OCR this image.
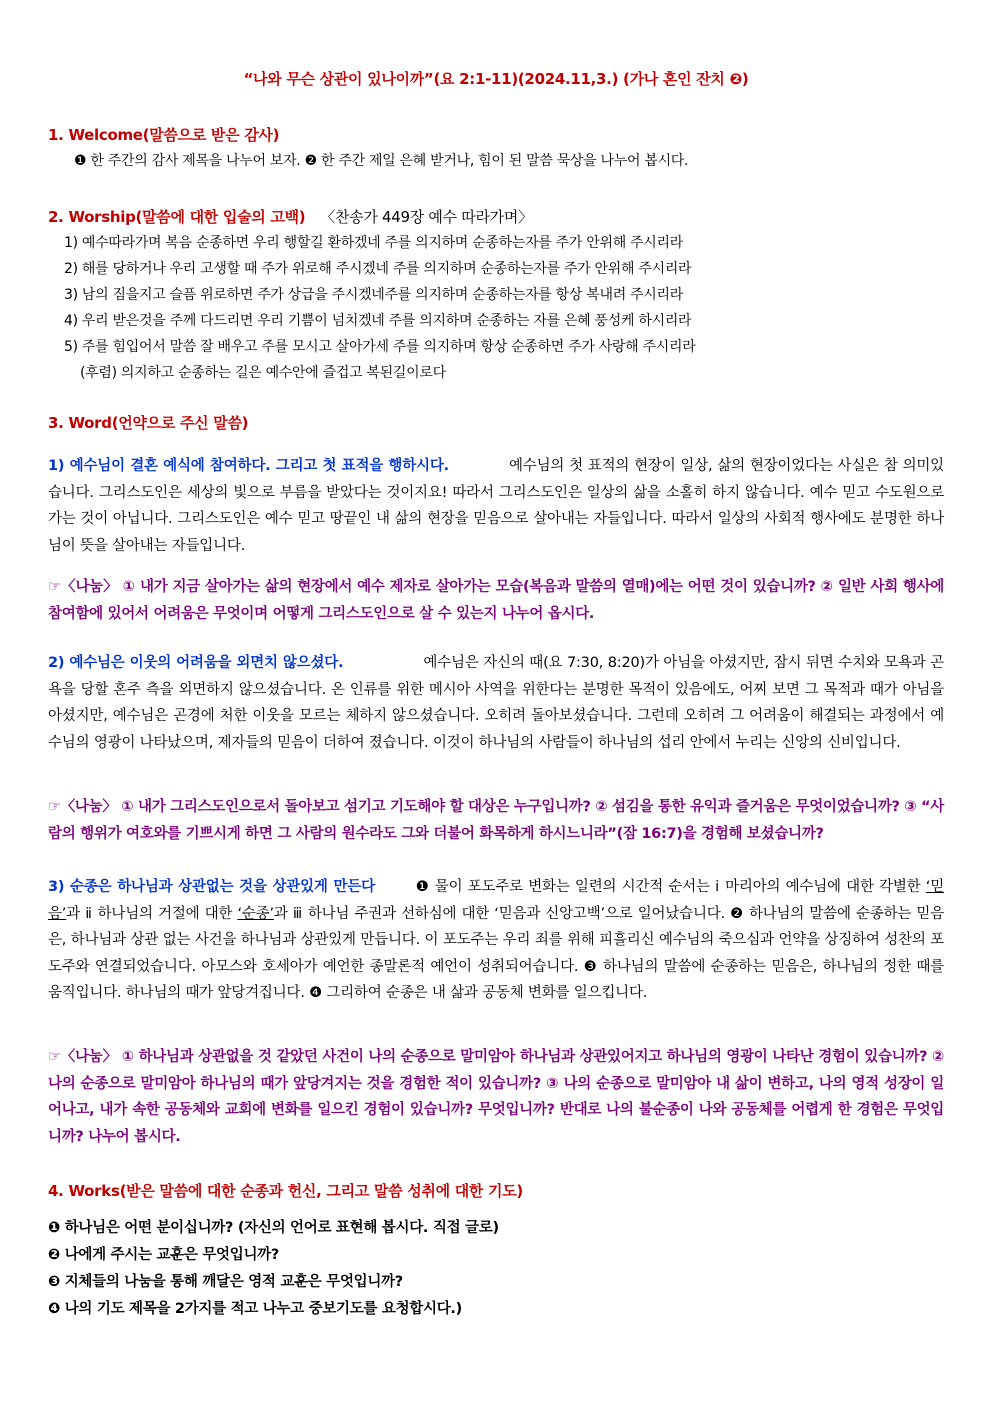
“나와 무슨 상관이 있나이까”(요 2:1-11)(2024.11,3.) (가나 혼인 잔치 ❷)
1. Welcome(말씀으로 받은 감사)
❶ 한 주간의 감사 제목을 나누어 보자. ❷ 한 주간 제일 은혜 받거나, 힘이 된 말씀 묵상을 나누어 봅시다.
2. Worship(말씀에 대한 입술의 고백) 〈찬송가 449장 예수 따라가며〉
1) 예수따라가며 복음 순종하면 우리 행할길 환하겠네 주를 의지하며 순종하는자를 주가 안위해 주시리라
2) 해를 당하거나 우리 고생할 때 주가 위로해 주시겠네 주를 의지하며 순종하는자를 주가 안위해 주시리라
3) 남의 짐을지고 슬픔 위로하면 주가 상급을 주시겠네주를 의지하며 순종하는자를 항상 복내려 주시리라
4) 우리 받은것을 주께 다드리면 우리 기쁨이 넘치겠네 주를 의지하며 순종하는 자를 은혜 풍성케 하시리라
5) 주를 힘입어서 말씀 잘 배우고 주를 모시고 살아가세 주를 의지하며 항상 순종하면 주가 사랑해 주시리라
(후렴) 의지하고 순종하는 길은 예수안에 즐겁고 복된길이로다
3. Word(언약으로 주신 말씀)
1) 예수님이 결혼 예식에 참여하다. 그리고 첫 표적을 행하시다.	예수님의 첫 표적의 현장이 일상, 삶의 현장이었다는 사실은 참 의미있습니다. 그리스도인은 세상의 빛으로 부름을 받았다는 것이지요! 따라서 그리스도인은 일상의 삶을 소홀히 하지 않습니다. 예수 믿고 수도원으로 가는 것이 아닙니다. 그리스도인은 예수 믿고 땅끝인 내 삶의 현장을 믿음으로 살아내는 자들입니다. 따라서 일상의 사회적 행사에도 분명한 하나님이 뜻을 살아내는 자들입니다.
☞〈나눔〉 ① 내가 지금 살아가는 삶의 현장에서 예수 제자로 살아가는 모습(복음과 말씀의 열매)에는 어떤 것이 있습니까? ② 일반 사회 행사에 참여함에 있어서 어려움은 무엇이며 어떻게 그리스도인으로 살 수 있는지 나누어 옵시다.
2) 예수님은 이웃의 어려움을 외면치 않으셨다.	예수님은 자신의 때(요 7:30, 8:20)가 아님을 아셨지만, 잠시 뒤면 수치와 모욕과 곤욕을 당할 혼주 측을 외면하지 않으셨습니다. 온 인류를 위한 메시아 사역을 위한다는 분명한 목적이 있음에도, 어찌 보면 그 목적과 때가 아님을 아셨지만, 예수님은 곤경에 처한 이웃을 모르는 체하지 않으셨습니다. 오히려 돌아보셨습니다. 그런데 오히려 그 어려움이 해결되는 과정에서 예수님의 영광이 나타났으며, 제자들의 믿음이 더하여 졌습니다. 이것이 하나님의 사람들이 하나님의 섭리 안에서 누리는 신앙의 신비입니다.
☞〈나눔〉 ① 내가 그리스도인으로서 돌아보고 섬기고 기도해야 할 대상은 누구입니까? ② 섬김을 통한 유익과 즐거움은 무엇이었습니까? ③ “사람의 행위가 여호와를 기쁘시게 하면 그 사람의 원수라도 그와 더불어 화목하게 하시느니라”(잠 16:7)을 경험해 보셨습니까?
3) 순종은 하나님과 상관없는 것을 상관있게 만든다	❶ 물이 포도주로 변화는 일련의 시간적 순서는 ⅰ 마리아의 예수님에 대한 각별한 ‘믿음’과 ⅱ 하나님의 거절에 대한 ‘순종’과 ⅲ 하나님 주권과 선하심에 대한 ‘믿음과 신앙고백’으로 일어났습니다. ❷ 하나님의 말씀에 순종하는 믿음은, 하나님과 상관 없는 사건을 하나님과 상관있게 만듭니다. 이 포도주는 우리 죄를 위해 피흘리신 예수님의 죽으심과 언약을 상징하여 성찬의 포도주와 연결되었습니다. 아모스와 호세아가 예언한 종말론적 예언이 성취되어습니다. ❸ 하나님의 말씀에 순종하는 믿음은, 하나님의 정한 때를 움직입니다. 하나님의 때가 앞당겨집니다. ❹ 그리하여 순종은 내 삶과 공동체 변화를 일으킵니다.
☞〈나눔〉 ① 하나님과 상관없을 것 같았던 사건이 나의 순종으로 말미암아 하나님과 상관있어지고 하나님의 영광이 나타난 경험이 있습니까? ② 나의 순종으로 말미암아 하나님의 때가 앞당겨지는 것을 경험한 적이 있습니까? ③ 나의 순종으로 말미암아 내 삶이 변하고, 나의 영적 성장이 일어나고, 내가 속한 공동체와 교회에 변화를 일으킨 경험이 있습니까? 무엇입니까? 반대로 나의 불순종이 나와 공동체를 어렵게 한 경험은 무엇입니까? 나누어 봅시다.
4. Works(받은 말씀에 대한 순종과 헌신, 그리고 말씀 성취에 대한 기도)
❶ 하나님은 어떤 분이십니까? (자신의 언어로 표현해 봅시다. 직접 글로)
❷ 나에게 주시는 교훈은 무엇입니까?
❸ 지체들의 나눔을 통해 깨달은 영적 교훈은 무엇입니까?
❹ 나의 기도 제목을 2가지를 적고 나누고 중보기도를 요청합시다.)
